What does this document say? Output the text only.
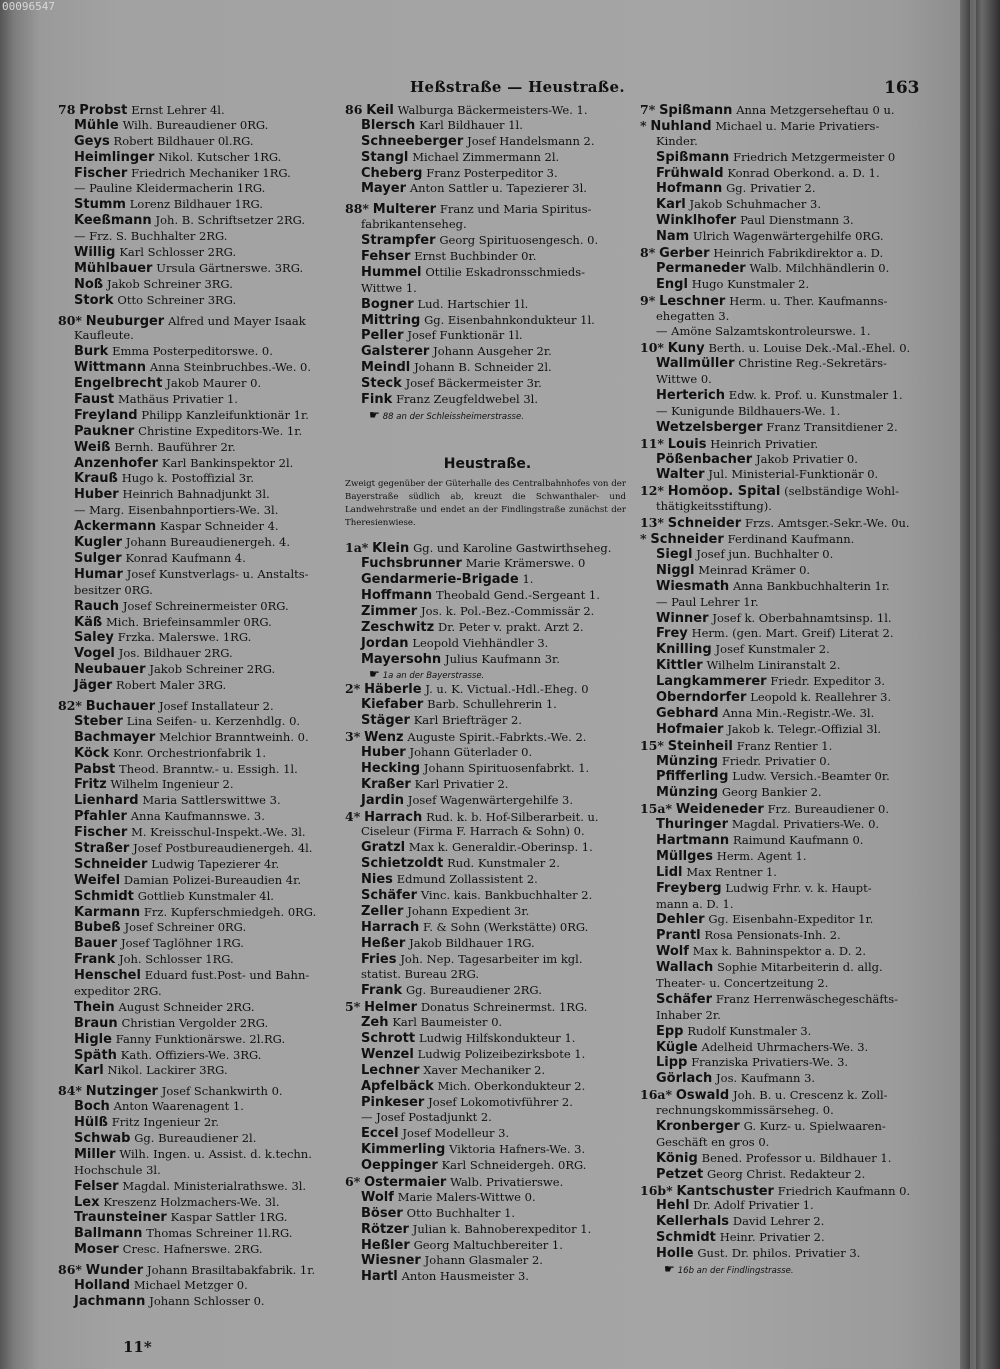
00096547
Heßstraße — Heustraße.	163
78 Probst Ernst Lehrer 4l.
Mühle Wilh. Bureaudiener 0RG.
Geys Robert Bildhauer 0l.RG.
Heimlinger Nikol. Kutscher 1RG.
Fischer Friedrich Mechaniker 1RG.
— Pauline Kleidermacherin 1RG.
Stumm Lorenz Bildhauer 1RG.
Keeßmann Joh. B. Schriftsetzer 2RG.
— Frz. S. Buchhalter 2RG.
Willig Karl Schlosser 2RG.
Mühlbauer Ursula Gärtnerswe. 3RG.
Noß Jakob Schreiner 3RG.
Stork Otto Schreiner 3RG.
80* Neuburger Alfred und Mayer Isaak
Kaufleute.
Burk Emma Posterpeditorswe. 0.
Wittmann Anna Steinbruchbes.-We. 0.
Engelbrecht Jakob Maurer 0.
Faust Mathäus Privatier 1.
Freyland Philipp Kanzleifunktionär 1r.
Paukner Christine Expeditors-We. 1r.
Weiß Bernh. Bauführer 2r.
Anzenhofer Karl Bankinspektor 2l.
Krauß Hugo k. Postoffizial 3r.
Huber Heinrich Bahnadjunkt 3l.
— Marg. Eisenbahnportiers-We. 3l.
Ackermann Kaspar Schneider 4.
Kugler Johann Bureaudienergeh. 4.
Sulger Konrad Kaufmann 4.
Humar Josef Kunstverlags- u. Anstalts-
besitzer 0RG.
Rauch Josef Schreinermeister 0RG.
Käß Mich. Briefeinsammler 0RG.
Saley Frzka. Malerswe. 1RG.
Vogel Jos. Bildhauer 2RG.
Neubauer Jakob Schreiner 2RG.
Jäger Robert Maler 3RG.
82* Buchauer Josef Installateur 2.
Steber Lina Seifen- u. Kerzenhdlg. 0.
Bachmayer Melchior Branntweinh. 0.
Köck Konr. Orchestrionfabrik 1.
Pabst Theod. Branntw.- u. Essigh. 1l.
Fritz Wilhelm Ingenieur 2.
Lienhard Maria Sattlerswittwe 3.
Pfahler Anna Kaufmannswe. 3.
Fischer M. Kreisschul-Inspekt.-We. 3l.
Straßer Josef Postbureaudienergeh. 4l.
Schneider Ludwig Tapezierer 4r.
Weifel Damian Polizei-Bureaudien 4r.
Schmidt Gottlieb Kunstmaler 4l.
Karmann Frz. Kupferschmiedgeh. 0RG.
Bubeß Josef Schreiner 0RG.
Bauer Josef Taglöhner 1RG.
Frank Joh. Schlosser 1RG.
Henschel Eduard fust.Post- und Bahn-
expeditor 2RG.
Thein August Schneider 2RG.
Braun Christian Vergolder 2RG.
Higle Fanny Funktionärswe. 2l.RG.
Späth Kath. Offiziers-We. 3RG.
Karl Nikol. Lackirer 3RG.
84* Nutzinger Josef Schankwirth 0.
Boch Anton Waarenagent 1.
Hülß Fritz Ingenieur 2r.
Schwab Gg. Bureaudiener 2l.
Miller Wilh. Ingen. u. Assist. d. k.techn.
Hochschule 3l.
Felser Magdal. Ministerialrathswe. 3l.
Lex Kreszenz Holzmachers-We. 3l.
Traunsteiner Kaspar Sattler 1RG.
Ballmann Thomas Schreiner 1l.RG.
Moser Cresc. Hafnerswe. 2RG.
86* Wunder Johann Brasiltabakfabrik. 1r.
Holland Michael Metzger 0.
Jachmann Johann Schlosser 0.
86 Keil Walburga Bäckermeisters-We. 1.
Blersch Karl Bildhauer 1l.
Schneeberger Josef Handelsmann 2.
Stangl Michael Zimmermann 2l.
Cheberg Franz Posterpeditor 3.
Mayer Anton Sattler u. Tapezierer 3l.
88* Multerer Franz und Maria Spiritus-
fabrikantenseheg.
Strampfer Georg Spirituosengesch. 0.
Fehser Ernst Buchbinder 0r.
Hummel Ottilie Eskadronsschmieds-
Wittwe 1.
Bogner Lud. Hartschier 1l.
Mittring Gg. Eisenbahnkondukteur 1l.
Peller Josef Funktionär 1l.
Galsterer Johann Ausgeher 2r.
Meindl Johann B. Schneider 2l.
Steck Josef Bäckermeister 3r.
Fink Franz Zeugfeldwebel 3l.
☛ 88 an der Schleissheimerstrasse.
Heustraße.
Zweigt gegenüber der Güterhalle des Centralbahnhofes von der Bayerstraße südlich ab, kreuzt die Schwanthaler- und Landwehrstraße und endet an der Findlingstraße zunächst der Theresienwiese.
1a* Klein Gg. und Karoline Gastwirthseheg.
Fuchsbrunner Marie Krämerswe. 0
Gendarmerie-Brigade 1.
Hoffmann Theobald Gend.-Sergeant 1.
Zimmer Jos. k. Pol.-Bez.-Commissär 2.
Zeschwitz Dr. Peter v. prakt. Arzt 2.
Jordan Leopold Viehhändler 3.
Mayersohn Julius Kaufmann 3r.
☛ 1a an der Bayerstrasse.
2* Häberle J. u. K. Victual.-Hdl.-Eheg. 0
Kiefaber Barb. Schullehrerin 1.
Stäger Karl Briefträger 2.
3* Wenz Auguste Spirit.-Fabrkts.-We. 2.
Huber Johann Güterlader 0.
Hecking Johann Spirituosenfabrkt. 1.
Kraßer Karl Privatier 2.
Jardin Josef Wagenwärtergehilfe 3.
4* Harrach Rud. k. b. Hof-Silberarbeit. u.
Ciseleur (Firma F. Harrach & Sohn) 0.
Gratzl Max k. Generaldir.-Oberinsp. 1.
Schietzoldt Rud. Kunstmaler 2.
Nies Edmund Zollassistent 2.
Schäfer Vinc. kais. Bankbuchhalter 2.
Zeller Johann Expedient 3r.
Harrach F. & Sohn (Werkstätte) 0RG.
Heßer Jakob Bildhauer 1RG.
Fries Joh. Nep. Tagesarbeiter im kgl.
statist. Bureau 2RG.
Frank Gg. Bureaudiener 2RG.
5* Helmer Donatus Schreinermst. 1RG.
Zeh Karl Baumeister 0.
Schrott Ludwig Hilfskondukteur 1.
Wenzel Ludwig Polizeibezirksbote 1.
Lechner Xaver Mechaniker 2.
Apfelbäck Mich. Oberkondukteur 2.
Pinkeser Josef Lokomotivführer 2.
— Josef Postadjunkt 2.
Eccel Josef Modelleur 3.
Kimmerling Viktoria Hafners-We. 3.
Oeppinger Karl Schneidergeh. 0RG.
6* Ostermaier Walb. Privatierswe.
Wolf Marie Malers-Wittwe 0.
Böser Otto Buchhalter 1.
Rötzer Julian k. Bahnoberexpeditor 1.
Heßler Georg Maltuchbereiter 1.
Wiesner Johann Glasmaler 2.
Hartl Anton Hausmeister 3.
7* Spißmann Anna Metzgerseheftau 0 u.
* Nuhland Michael u. Marie Privatiers-
Kinder.
Spißmann Friedrich Metzgermeister 0
Frühwald Konrad Oberkond. a. D. 1.
Hofmann Gg. Privatier 2.
Karl Jakob Schuhmacher 3.
Winklhofer Paul Dienstmann 3.
Nam Ulrich Wagenwärtergehilfe 0RG.
8* Gerber Heinrich Fabrikdirektor a. D.
Permaneder Walb. Milchhändlerin 0.
Engl Hugo Kunstmaler 2.
9* Leschner Herm. u. Ther. Kaufmanns-
ehegatten 3.
— Amöne Salzamtskontroleurswe. 1.
10* Kuny Berth. u. Louise Dek.-Mal.-Ehel. 0.
Wallmüller Christine Reg.-Sekretärs-
Wittwe 0.
Herterich Edw. k. Prof. u. Kunstmaler 1.
— Kunigunde Bildhauers-We. 1.
Wetzelsberger Franz Transitdiener 2.
11* Louis Heinrich Privatier.
Pößenbacher Jakob Privatier 0.
Walter Jul. Ministerial-Funktionär 0.
12* Homöop. Spital (selbständige Wohl-
thätigkeitsstiftung).
13* Schneider Frzs. Amtsger.-Sekr.-We. 0u.
* Schneider Ferdinand Kaufmann.
Siegl Josef jun. Buchhalter 0.
Niggl Meinrad Krämer 0.
Wiesmath Anna Bankbuchhalterin 1r.
— Paul Lehrer 1r.
Winner Josef k. Oberbahnamtsinsp. 1l.
Frey Herm. (gen. Mart. Greif) Literat 2.
Knilling Josef Kunstmaler 2.
Kittler Wilhelm Liniranstalt 2.
Langkammerer Friedr. Expeditor 3.
Oberndorfer Leopold k. Reallehrer 3.
Gebhard Anna Min.-Registr.-We. 3l.
Hofmaier Jakob k. Telegr.-Offizial 3l.
15* Steinheil Franz Rentier 1.
Münzing Friedr. Privatier 0.
Pfifferling Ludw. Versich.-Beamter 0r.
Münzing Georg Bankier 2.
15a* Weideneder Frz. Bureaudiener 0.
Thuringer Magdal. Privatiers-We. 0.
Hartmann Raimund Kaufmann 0.
Müllges Herm. Agent 1.
Lidl Max Rentner 1.
Freyberg Ludwig Frhr. v. k. Haupt-
mann a. D. 1.
Dehler Gg. Eisenbahn-Expeditor 1r.
Prantl Rosa Pensionats-Inh. 2.
Wolf Max k. Bahninspektor a. D. 2.
Wallach Sophie Mitarbeiterin d. allg.
Theater- u. Concertzeitung 2.
Schäfer Franz Herrenwäschegeschäfts-
Inhaber 2r.
Epp Rudolf Kunstmaler 3.
Kügle Adelheid Uhrmachers-We. 3.
Lipp Franziska Privatiers-We. 3.
Görlach Jos. Kaufmann 3.
16a* Oswald Joh. B. u. Crescenz k. Zoll-
rechnungskommissärseheg. 0.
Kronberger G. Kurz- u. Spielwaaren-
Geschäft en gros 0.
König Bened. Professor u. Bildhauer 1.
Petzet Georg Christ. Redakteur 2.
16b* Kantschuster Friedrich Kaufmann 0.
Hehl Dr. Adolf Privatier 1.
Kellerhals David Lehrer 2.
Schmidt Heinr. Privatier 2.
Holle Gust. Dr. philos. Privatier 3.
☛ 16b an der Findlingstrasse.
11*
